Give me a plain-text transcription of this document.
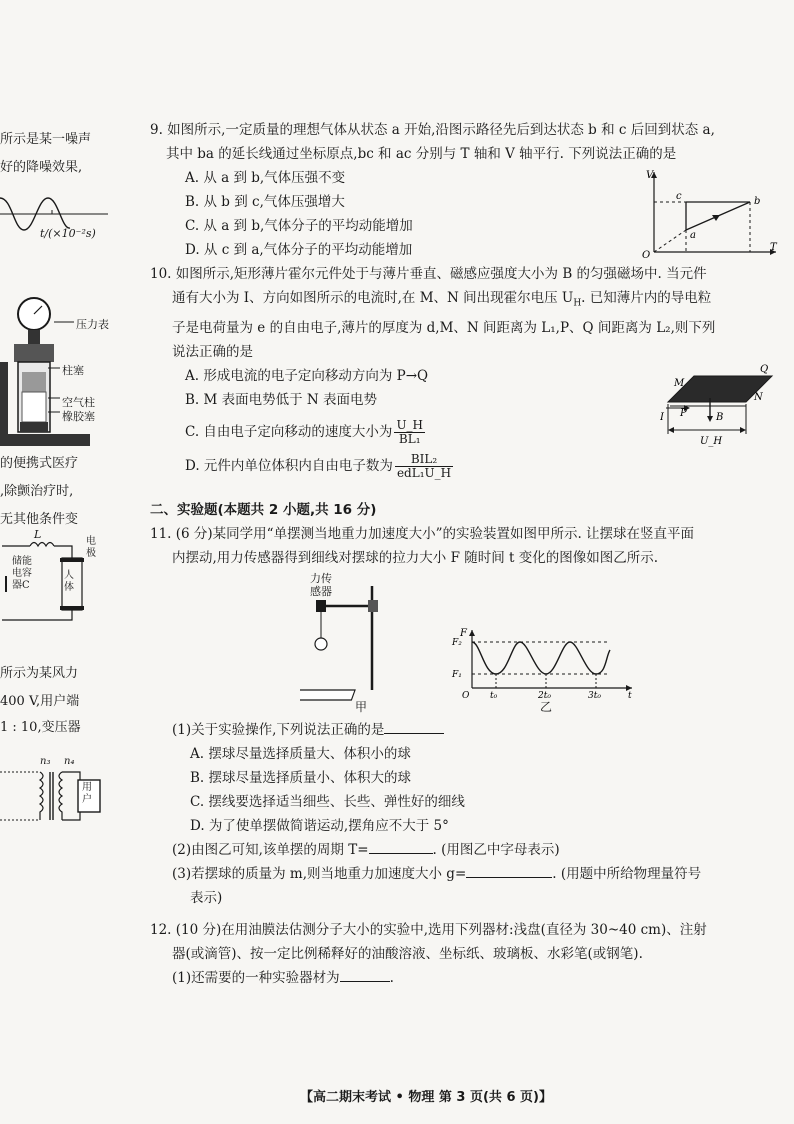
所示是某一噪声
好的降噪效果,
t/(×10⁻²s)
压力表
柱塞
空气柱
橡胶塞
的便携式医疗
,除颤治疗时,
无其他条件变
L
储能电容器C
电极
人体
所示为某风力
400 V,用户端
1 : 10,变压器
n₃ n₄
用户
9. 如图所示,一定质量的理想气体从状态 a 开始,沿图示路径先后到达状态 b 和 c 后回到状态 a,
其中 ba 的延长线通过坐标原点,bc 和 ac 分别与 T 轴和 V 轴平行. 下列说法正确的是
A. 从 a 到 b,气体压强不变
B. 从 b 到 c,气体压强增大
C. 从 a 到 b,气体分子的平均动能增加
D. 从 c 到 a,气体分子的平均动能增加
V
T
O
a
b
c
10. 如图所示,矩形薄片霍尔元件处于与薄片垂直、磁感应强度大小为 B 的匀强磁场中. 当元件
通有大小为 I、方向如图所示的电流时,在 M、N 间出现霍尔电压 $U_H$. 已知薄片内的导电粒
子是电荷量为 e 的自由电子,薄片的厚度为 d,M、N 间距离为 L₁,P、Q 间距离为 L₂,则下列
说法正确的是
A. 形成电流的电子定向移动方向为 P→Q
B. M 表面电势低于 N 表面电势
C. 自由电子定向移动的速度大小为 $\frac{U\_H}{\text{BL₁}}$
D. 元件内单位体积内自由电子数为 $\frac{\text{BIL₂}}{\text{edL₁U\_H}}$
M
Q
N
P
I	B
U_H
二、实验题(本题共 2 小题,共 16 分)
11. (6 分)某同学用“单摆测当地重力加速度大小”的实验装置如图甲所示. 让摆球在竖直平面
内摆动,用力传感器得到细线对摆球的拉力大小 F 随时间 t 变化的图像如图乙所示.
力传感器
甲
F
F₂
F₁
O t₀	2t₀	3t₀	t
乙
(1)关于实验操作,下列说法正确的是
A. 摆球尽量选择质量大、体积小的球
B. 摆球尽量选择质量小、体积大的球
C. 摆线要选择适当细些、长些、弹性好的细线
D. 为了使单摆做简谐运动,摆角应不大于 5°
(2)由图乙可知,该单摆的周期 T=	. (用图乙中字母表示)
(3)若摆球的质量为 m,则当地重力加速度大小 g=	. (用题中所给物理量符号
表示)
12. (10 分)在用油膜法估测分子大小的实验中,选用下列器材:浅盘(直径为 30~40 cm)、注射
器(或滴管)、按一定比例稀释好的油酸溶液、坐标纸、玻璃板、水彩笔(或钢笔).
(1)还需要的一种实验器材为	.
【高二期末考试 • 物理 第 3 页(共 6 页)】
